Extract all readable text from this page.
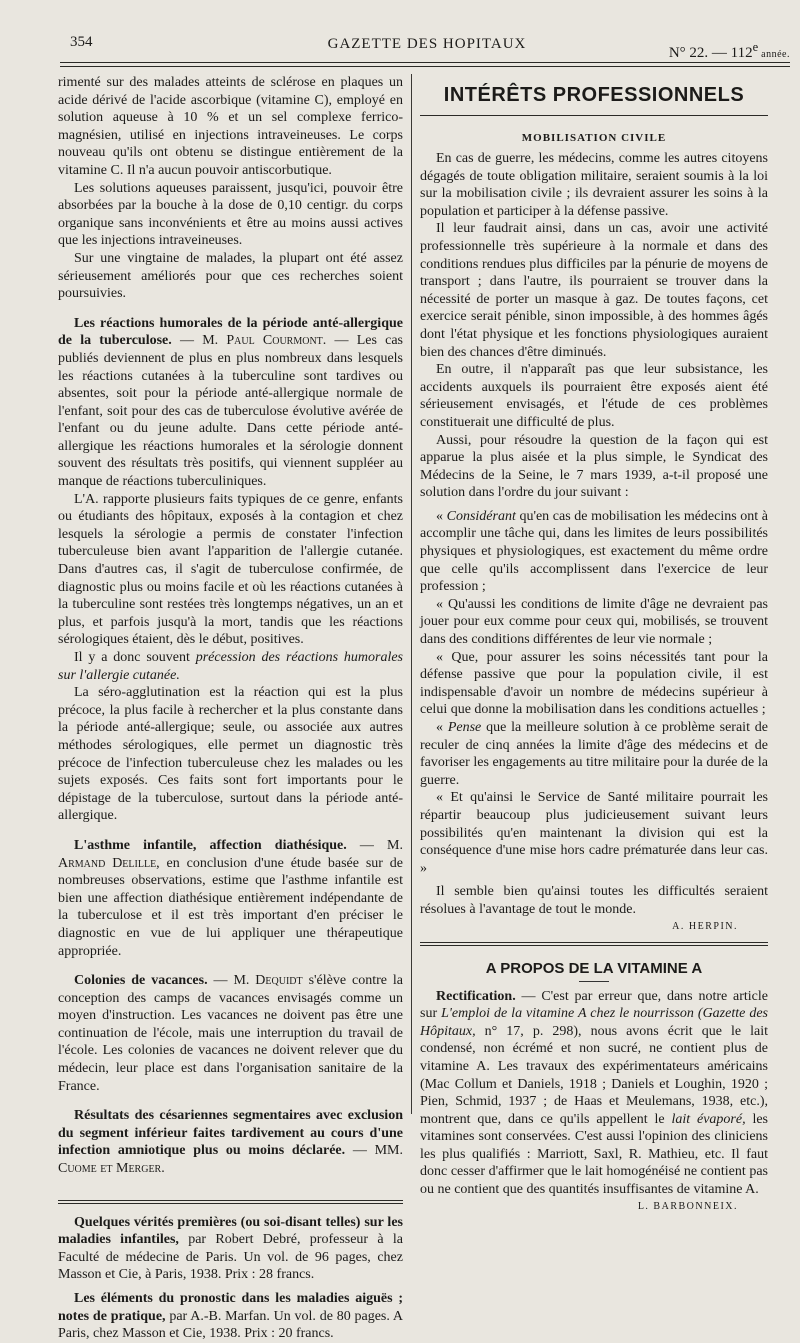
354	GAZETTE DES HOPITAUX
N° 22. — 112e année.

rimenté sur des malades atteints de sclérose en plaques un acide dérivé de l'acide ascorbique (vitamine C), employé en solution aqueuse à 10 % et un sel complexe ferrico-magnésien, utilisé en injections intraveineuses. Le corps nouveau qu'ils ont obtenu se distingue entièrement de la vitamine C. Il n'a aucun pouvoir antiscorbutique.

Les solutions aqueuses paraissent, jusqu'ici, pouvoir être absorbées par la bouche à la dose de 0,10 centigr. du corps organique sans inconvénients et être au moins aussi actives que les injections intraveineuses.

Sur une vingtaine de malades, la plupart ont été assez sérieusement améliorés pour que ces recherches soient poursuivies.

Les réactions humorales de la période anté-allergique de la tuberculose. — M. Paul Courmont. — Les cas publiés deviennent de plus en plus nombreux dans lesquels les réactions cutanées à la tuberculine sont tardives ou absentes, soit pour la période anté-allergique normale de l'enfant, soit pour des cas de tuberculose évolutive avérée de l'enfant ou du jeune adulte. Dans cette période anté-allergique les réactions humorales et la sérologie donnent souvent des résultats très positifs, qui viennent suppléer au manque de réactions tuberculiniques.

L'A. rapporte plusieurs faits typiques de ce genre, enfants ou étudiants des hôpitaux, exposés à la contagion et chez lesquels la sérologie a permis de constater l'infection tuberculeuse bien avant l'apparition de l'allergie cutanée. Dans d'autres cas, il s'agit de tuberculose confirmée, de diagnostic plus ou moins facile et où les réactions cutanées à la tuberculine sont restées très longtemps négatives, un an et plus, et parfois jusqu'à la mort, tandis que les réactions sérologiques étaient, dès le début, positives.

Il y a donc souvent précession des réactions humorales sur l'allergie cutanée.

La séro-agglutination est la réaction qui est la plus précoce, la plus facile à rechercher et la plus constante dans la période anté-allergique; seule, ou associée aux autres méthodes sérologiques, elle permet un diagnostic très précoce de l'infection tuberculeuse chez les malades ou les sujets exposés. Ces faits sont fort importants pour le dépistage de la tuberculose, surtout dans la période anté-allergique.

L'asthme infantile, affection diathésique. — M. Armand Delille, en conclusion d'une étude basée sur de nombreuses observations, estime que l'asthme infantile est bien une affection diathésique entièrement indépendante de la tuberculose et il est très important d'en préciser le diagnostic en vue de lui appliquer une thérapeutique appropriée.

Colonies de vacances. — M. Dequidt s'élève contre la conception des camps de vacances envisagés comme un moyen d'instruction. Les vacances ne doivent pas être une continuation de l'école, mais une interruption du travail de l'école. Les colonies de vacances ne doivent relever que du médecin, leur place est dans l'organisation sanitaire de la France.

Résultats des césariennes segmentaires avec exclusion du segment inférieur faites tardivement au cours d'une infection amniotique plus ou moins déclarée. — MM. Cuome et Merger.

Quelques vérités premières (ou soi-disant telles) sur les maladies infantiles, par Robert Debré, professeur à la Faculté de médecine de Paris. Un vol. de 96 pages, chez Masson et Cie, à Paris, 1938. Prix : 28 francs.

Les éléments du pronostic dans les maladies aiguës ; notes de pratique, par A.-B. Marfan. Un vol. de 80 pages. A Paris, chez Masson et Cie, 1938. Prix : 20 francs.

INTÉRÊTS PROFESSIONNELS
MOBILISATION CIVILE

En cas de guerre, les médecins, comme les autres citoyens dégagés de toute obligation militaire, seraient soumis à la loi sur la mobilisation civile ; ils devraient assurer les soins à la population et participer à la défense passive.

Il leur faudrait ainsi, dans un cas, avoir une activité professionnelle très supérieure à la normale et dans des conditions rendues plus difficiles par la pénurie de moyens de transport ; dans l'autre, ils pourraient se trouver dans la nécessité de porter un masque à gaz. De toutes façons, cet exercice serait pénible, sinon impossible, à des hommes âgés dont l'état physique et les fonctions physiologiques auraient bien des chances d'être diminués.

En outre, il n'apparaît pas que leur subsistance, les accidents auxquels ils pourraient être exposés aient été sérieusement envisagés, et l'étude de ces problèmes constituerait une difficulté de plus.

Aussi, pour résoudre la question de la façon qui est apparue la plus aisée et la plus simple, le Syndicat des Médecins de la Seine, le 7 mars 1939, a-t-il proposé une solution dans l'ordre du jour suivant :

« Considérant qu'en cas de mobilisation les médecins ont à accomplir une tâche qui, dans les limites de leurs possibilités physiques et physiologiques, est exactement du même ordre que celle qu'ils accomplissent dans l'exercice de leur profession ;

« Qu'aussi les conditions de limite d'âge ne devraient pas jouer pour eux comme pour ceux qui, mobilisés, se trouvent dans des conditions différentes de leur vie normale ;

« Que, pour assurer les soins nécessités tant pour la défense passive que pour la population civile, il est indispensable d'avoir un nombre de médecins supérieur à celui que donne la mobilisation dans les conditions actuelles ;

« Pense que la meilleure solution à ce problème serait de reculer de cinq années la limite d'âge des médecins et de favoriser les engagements au titre militaire pour la durée de la guerre.

« Et qu'ainsi le Service de Santé militaire pourrait les répartir beaucoup plus judicieusement suivant leurs possibilités qu'en maintenant la division qui est la conséquence d'une mise hors cadre prématurée dans leur cas. »

Il semble bien qu'ainsi toutes les difficultés seraient résolues à l'avantage de tout le monde.

A. HERPIN.
A PROPOS DE LA VITAMINE A

Rectification. — C'est par erreur que, dans notre article sur L'emploi de la vitamine A chez le nourrisson (Gazette des Hôpitaux, n° 17, p. 298), nous avons écrit que le lait condensé, non écrémé et non sucré, ne contient plus de vitamine A. Les travaux des expérimentateurs américains (Mac Collum et Daniels, 1918 ; Daniels et Loughin, 1920 ; Pien, Schmid, 1937 ; de Haas et Meulemans, 1938, etc.), montrent que, dans ce qu'ils appellent le lait évaporé, les vitamines sont conservées. C'est aussi l'opinion des cliniciens les plus qualifiés : Marriott, Saxl, R. Mathieu, etc. Il faut donc cesser d'affirmer que le lait homogénéisé ne contient pas ou ne contient que des quantités insuffisantes de vitamine A.

L. BARBONNEIX.
